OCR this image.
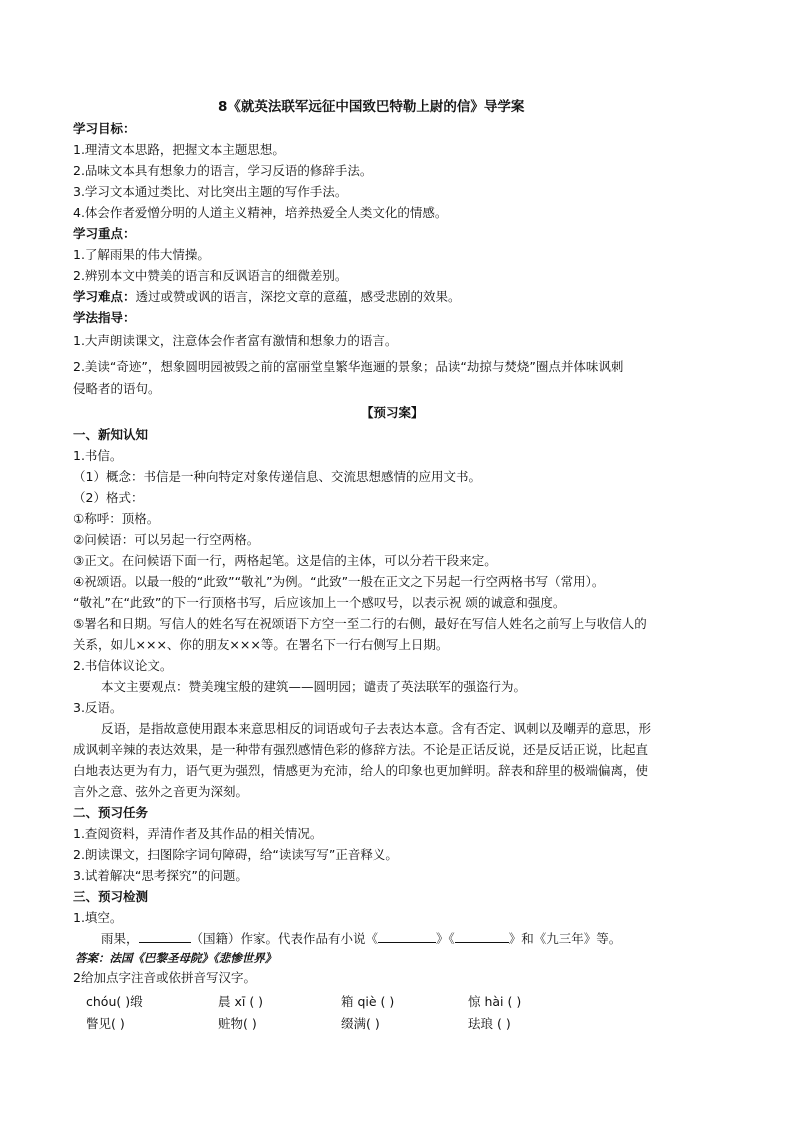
8《就英法联军远征中国致巴特勒上尉的信》导学案
学习目标：
1.理清文本思路，把握文本主题思想。
2.品味文本具有想象力的语言，学习反语的修辞手法。
3.学习文本通过类比、对比突出主题的写作手法。
4.体会作者爱憎分明的人道主义精神，培养热爱全人类文化的情感。
学习重点：
1.了解雨果的伟大情操。
2.辨别本文中赞美的语言和反讽语言的细微差别。
学习难点：透过或赞或讽的语言，深挖文章的意蕴，感受悲剧的效果。
学法指导：
1.大声朗读课文，注意体会作者富有激情和想象力的语言。
2.美读“奇迹”，想象圆明园被毁之前的富丽堂皇繁华迤逦的景象；品读“劫掠与焚烧”圈点并体味讽刺
侵略者的语句。
【预习案】
一、新知认知
1.书信。
（1）概念：书信是一种向特定对象传递信息、交流思想感情的应用文书。
（2）格式：
①称呼：顶格。
②问候语：可以另起一行空两格。
③正文。在问候语下面一行，两格起笔。这是信的主体，可以分若干段来定。
④祝颂语。以最一般的“此致”“敬礼”为例。“此致”一般在正文之下另起一行空两格书写（常用）。
“敬礼”在“此致”的下一行顶格书写，后应该加上一个感叹号，以表示祝 颂的诚意和强度。
⑤署名和日期。写信人的姓名写在祝颂语下方空一至二行的右侧，最好在写信人姓名之前写上与收信人的
关系，如儿×××、你的朋友×××等。在署名下一行右侧写上日期。
2.书信体议论文。
本文主要观点：赞美瑰宝般的建筑——圆明园；谴责了英法联军的强盗行为。
3.反语。
反语，是指故意使用跟本来意思相反的词语或句子去表达本意。含有否定、讽刺以及嘲弄的意思，形
成讽刺辛辣的表达效果，是一种带有强烈感情色彩的修辞方法。不论是正话反说，还是反话正说，比起直
白地表达更为有力，语气更为强烈，情感更为充沛，给人的印象也更加鲜明。辞表和辞里的极端偏离，使
言外之意、弦外之音更为深刻。
二、预习任务
1.查阅资料，弄清作者及其作品的相关情况。
2.朗读课文，扫图除字词句障碍，给“读读写写”正音释义。
3.试着解决“思考探究”的问题。
三、预习检测
1.填空。
雨果，	（国籍）作家。代表作品有小说《	》《	》和《九三年》等。
答案：法国《巴黎圣母院》《悲惨世界》
2给加点字注音或依拼音写汉字。
chóu( )缎	晨 xī ( )	箱 qiè ( )	惊 hài ( )
瞥见( )	赃物( )	缀满( )	珐琅 ( )
